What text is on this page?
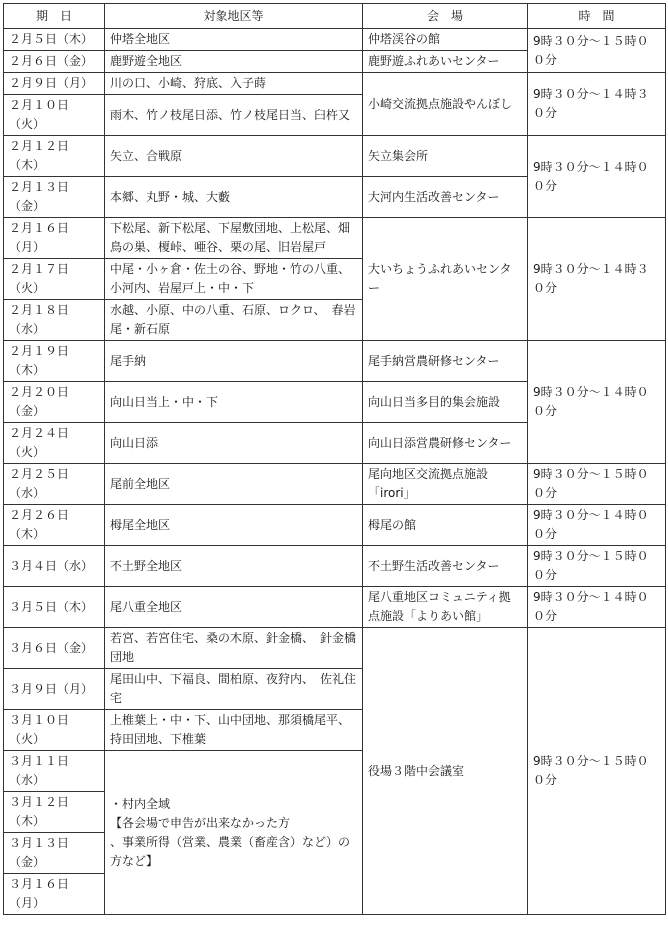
期　日	対象地区等	会　場	時　間
２月５日（木）	仲塔全地区	仲塔渓谷の館	9時３０分～１５時０
０分
２月６日（金）	鹿野遊全地区	鹿野遊ふれあいセンター	
２月９日（月）	川の口、小崎、狩底、入子蒔	小崎交流拠点施設やんぼし	9時３０分～１４時３
０分
２月１０日
（火）	雨木、竹ノ枝尾日添、竹ノ枝尾日当、臼杵又		
２月１２日
（木）	矢立、合戦原	矢立集会所	9時３０分～１４時０
０分
２月１３日
（金）	本郷、丸野・城、大藪	大河内生活改善センター	
２月１６日
（月）	下松尾、新下松尾、下屋敷団地、上松尾、畑鳥の巣、榎峠、唖谷、栗の尾、旧岩屋戸	大いちょうふれあいセンター	9時３０分～１４時３
０分
２月１７日
（火）	中尾・小ヶ倉・佐土の谷、野地・竹の八重、小河内、岩屋戸上・中・下		
２月１８日
（水）	水越、小原、中の八重、石原、ロクロ、　春岩尾・新石原		
２月１９日
（木）	尾手納	尾手納営農研修センター	9時３０分～１４時０
０分
２月２０日
（金）	向山日当上・中・下	向山日当多目的集会施設	
２月２４日
（火）	向山日添	向山日添営農研修センター	
２月２５日
（水）	尾前全地区	尾向地区交流拠点施設
「irori」	9時３０分～１５時０
０分
２月２６日
（木）	栂尾全地区	栂尾の館	9時３０分～１４時０
０分
３月４日（水）	不土野全地区	不土野生活改善センター	9時３０分～１５時０
０分
３月５日（木）	尾八重全地区	尾八重地区コミュニティ拠点施設「よりあい館」	9時３０分～１４時０
０分
３月６日（金）	若宮、若宮住宅、桑の木原、針金橋、　針金橋団地	役場３階中会議室	9時３０分～１５時０
０分
３月９日（月）	尾田山中、下福良、間柏原、夜狩内、　佐礼住宅		
３月１０日
（火）	上椎葉上・中・下、山中団地、那須橋尾平、持田団地、下椎葉		
３月１１日
（水）	・村内全域
【各会場で申告が出来なかった方
、事業所得（営業、農業（畜産含）など）の方など】		
３月１２日
（木）			
３月１３日
（金）			
３月１６日
（月）			
